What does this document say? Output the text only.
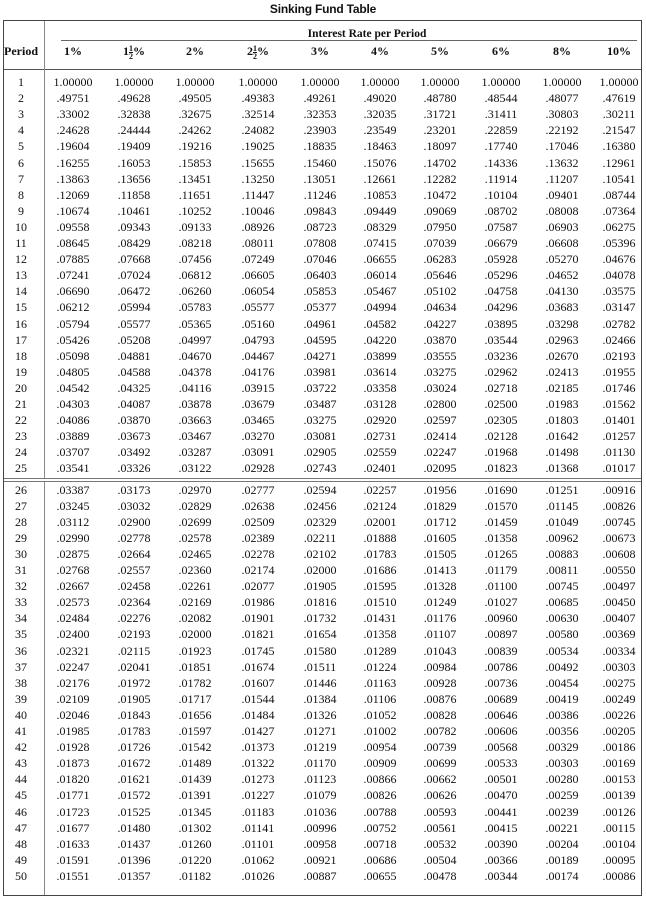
Sinking Fund Table
Interest Rate per Period
Period	1%	$1 \frac{1}{2}$ %	2%	$2 \frac{1}{2}$ %	3%	4%	5%	6%	8%	10%
1	1.00000	1.00000	1.00000	1.00000	1.00000	1.00000	1.00000	1.00000	1.00000	1.00000
2	.49751	.49628	.49505	.49383	.49261	.49020	.48780	.48544	.48077	.47619
3	.33002	.32838	.32675	.32514	.32353	.32035	.31721	.31411	.30803	.30211
4	.24628	.24444	.24262	.24082	.23903	.23549	.23201	.22859	.22192	.21547
5	.19604	.19409	.19216	.19025	.18835	.18463	.18097	.17740	.17046	.16380
6	.16255	.16053	.15853	.15655	.15460	.15076	.14702	.14336	.13632	.12961
7	.13863	.13656	.13451	.13250	.13051	.12661	.12282	.11914	.11207	.10541
8	.12069	.11858	.11651	.11447	.11246	.10853	.10472	.10104	.09401	.08744
9	.10674	.10461	.10252	.10046	.09843	.09449	.09069	.08702	.08008	.07364
10	.09558	.09343	.09133	.08926	.08723	.08329	.07950	.07587	.06903	.06275
11	.08645	.08429	.08218	.08011	.07808	.07415	.07039	.06679	.06608	.05396
12	.07885	.07668	.07456	.07249	.07046	.06655	.06283	.05928	.05270	.04676
13	.07241	.07024	.06812	.06605	.06403	.06014	.05646	.05296	.04652	.04078
14	.06690	.06472	.06260	.06054	.05853	.05467	.05102	.04758	.04130	.03575
15	.06212	.05994	.05783	.05577	.05377	.04994	.04634	.04296	.03683	.03147
16	.05794	.05577	.05365	.05160	.04961	.04582	.04227	.03895	.03298	.02782
17	.05426	.05208	.04997	.04793	.04595	.04220	.03870	.03544	.02963	.02466
18	.05098	.04881	.04670	.04467	.04271	.03899	.03555	.03236	.02670	.02193
19	.04805	.04588	.04378	.04176	.03981	.03614	.03275	.02962	.02413	.01955
20	.04542	.04325	.04116	.03915	.03722	.03358	.03024	.02718	.02185	.01746
21	.04303	.04087	.03878	.03679	.03487	.03128	.02800	.02500	.01983	.01562
22	.04086	.03870	.03663	.03465	.03275	.02920	.02597	.02305	.01803	.01401
23	.03889	.03673	.03467	.03270	.03081	.02731	.02414	.02128	.01642	.01257
24	.03707	.03492	.03287	.03091	.02905	.02559	.02247	.01968	.01498	.01130
25	.03541	.03326	.03122	.02928	.02743	.02401	.02095	.01823	.01368	.01017
26	.03387	.03173	.02970	.02777	.02594	.02257	.01956	.01690	.01251	.00916
27	.03245	.03032	.02829	.02638	.02456	.02124	.01829	.01570	.01145	.00826
28	.03112	.02900	.02699	.02509	.02329	.02001	.01712	.01459	.01049	.00745
29	.02990	.02778	.02578	.02389	.02211	.01888	.01605	.01358	.00962	.00673
30	.02875	.02664	.02465	.02278	.02102	.01783	.01505	.01265	.00883	.00608
31	.02768	.02557	.02360	.02174	.02000	.01686	.01413	.01179	.00811	.00550
32	.02667	.02458	.02261	.02077	.01905	.01595	.01328	.01100	.00745	.00497
33	.02573	.02364	.02169	.01986	.01816	.01510	.01249	.01027	.00685	.00450
34	.02484	.02276	.02082	.01901	.01732	.01431	.01176	.00960	.00630	.00407
35	.02400	.02193	.02000	.01821	.01654	.01358	.01107	.00897	.00580	.00369
36	.02321	.02115	.01923	.01745	.01580	.01289	.01043	.00839	.00534	.00334
37	.02247	.02041	.01851	.01674	.01511	.01224	.00984	.00786	.00492	.00303
38	.02176	.01972	.01782	.01607	.01446	.01163	.00928	.00736	.00454	.00275
39	.02109	.01905	.01717	.01544	.01384	.01106	.00876	.00689	.00419	.00249
40	.02046	.01843	.01656	.01484	.01326	.01052	.00828	.00646	.00386	.00226
41	.01985	.01783	.01597	.01427	.01271	.01002	.00782	.00606	.00356	.00205
42	.01928	.01726	.01542	.01373	.01219	.00954	.00739	.00568	.00329	.00186
43	.01873	.01672	.01489	.01322	.01170	.00909	.00699	.00533	.00303	.00169
44	.01820	.01621	.01439	.01273	.01123	.00866	.00662	.00501	.00280	.00153
45	.01771	.01572	.01391	.01227	.01079	.00826	.00626	.00470	.00259	.00139
46	.01723	.01525	.01345	.01183	.01036	.00788	.00593	.00441	.00239	.00126
47	.01677	.01480	.01302	.01141	.00996	.00752	.00561	.00415	.00221	.00115
48	.01633	.01437	.01260	.01101	.00958	.00718	.00532	.00390	.00204	.00104
49	.01591	.01396	.01220	.01062	.00921	.00686	.00504	.00366	.00189	.00095
50	.01551	.01357	.01182	.01026	.00887	.00655	.00478	.00344	.00174	.00086
